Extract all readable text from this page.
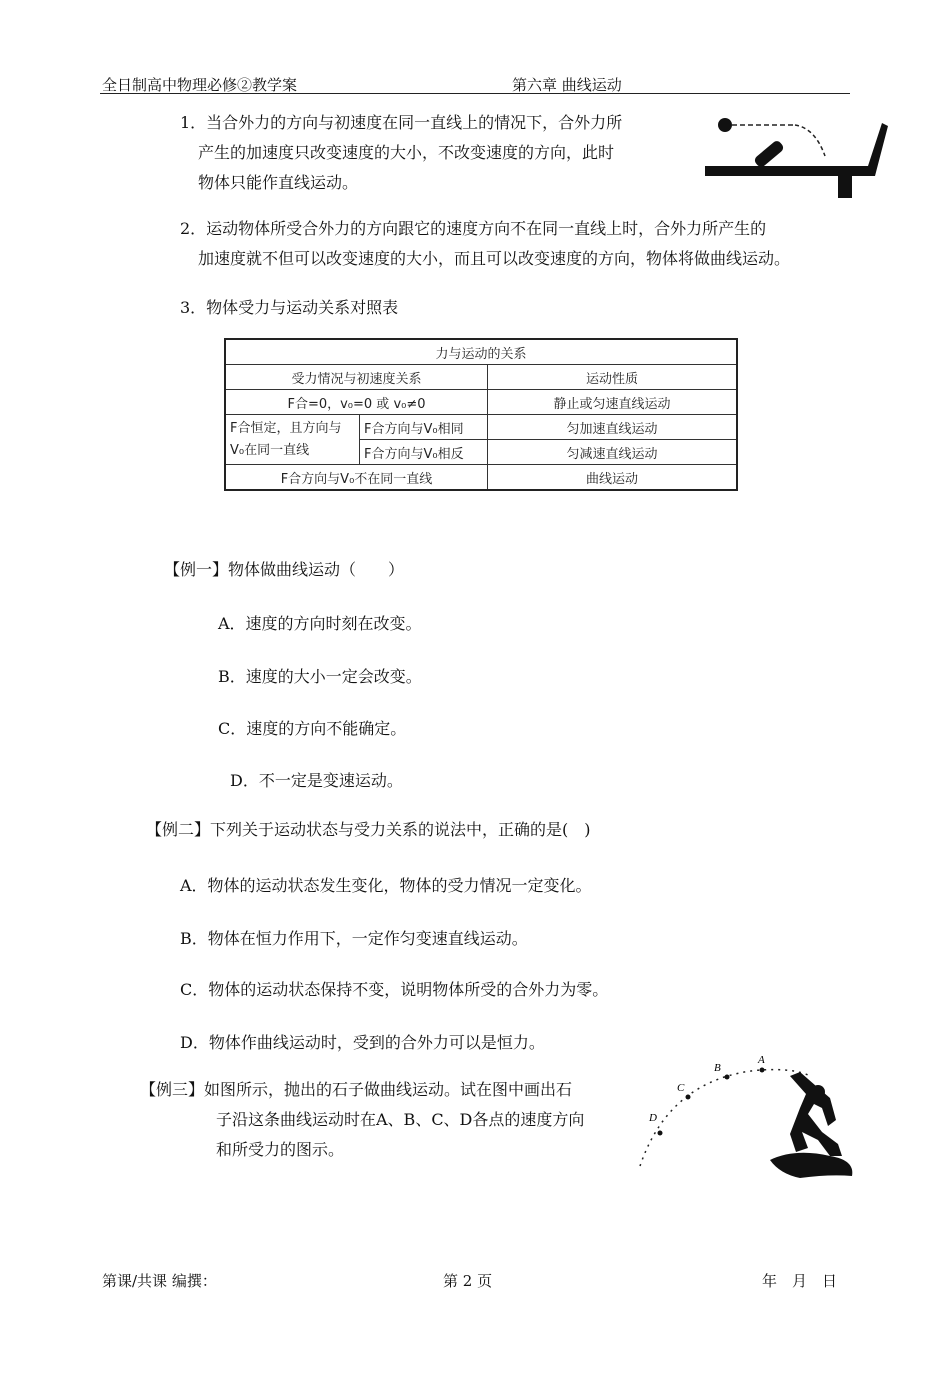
全日制高中物理必修②教学案	第六章 曲线运动
1．当合外力的方向与初速度在同一直线上的情况下，合外力所
产生的加速度只改变速度的大小，不改变速度的方向，此时
物体只能作直线运动。
2．运动物体所受合外力的方向跟它的速度方向不在同一直线上时，合外力所产生的
加速度就不但可以改变速度的大小，而且可以改变速度的方向，物体将做曲线运动。
3．物体受力与运动关系对照表
力与运动的关系		
受力情况与初速度关系		运动性质
F合=0，v₀=0 或 v₀≠0		静止或匀速直线运动
F合恒定，且方向与V₀在同一直线	F合方向与V₀相同	匀加速直线运动
	F合方向与V₀相反	匀减速直线运动
F合方向与V₀不在同一直线		曲线运动
【例一】物体做曲线运动（　　）
A．速度的方向时刻在改变。
B．速度的大小一定会改变。
C．速度的方向不能确定。
D．不一定是变速运动。
【例二】下列关于运动状态与受力关系的说法中，正确的是(　)
A．物体的运动状态发生变化，物体的受力情况一定变化。
B．物体在恒力作用下，一定作匀变速直线运动。
C．物体的运动状态保持不变，说明物体所受的合外力为零。
D．物体作曲线运动时，受到的合外力可以是恒力。
【例三】如图所示，抛出的石子做曲线运动。试在图中画出石
子沿这条曲线运动时在A、B、C、D各点的速度方向
和所受力的图示。
D
C
B
A
第课/共课 编撰：	第 2 页	年　月　日
